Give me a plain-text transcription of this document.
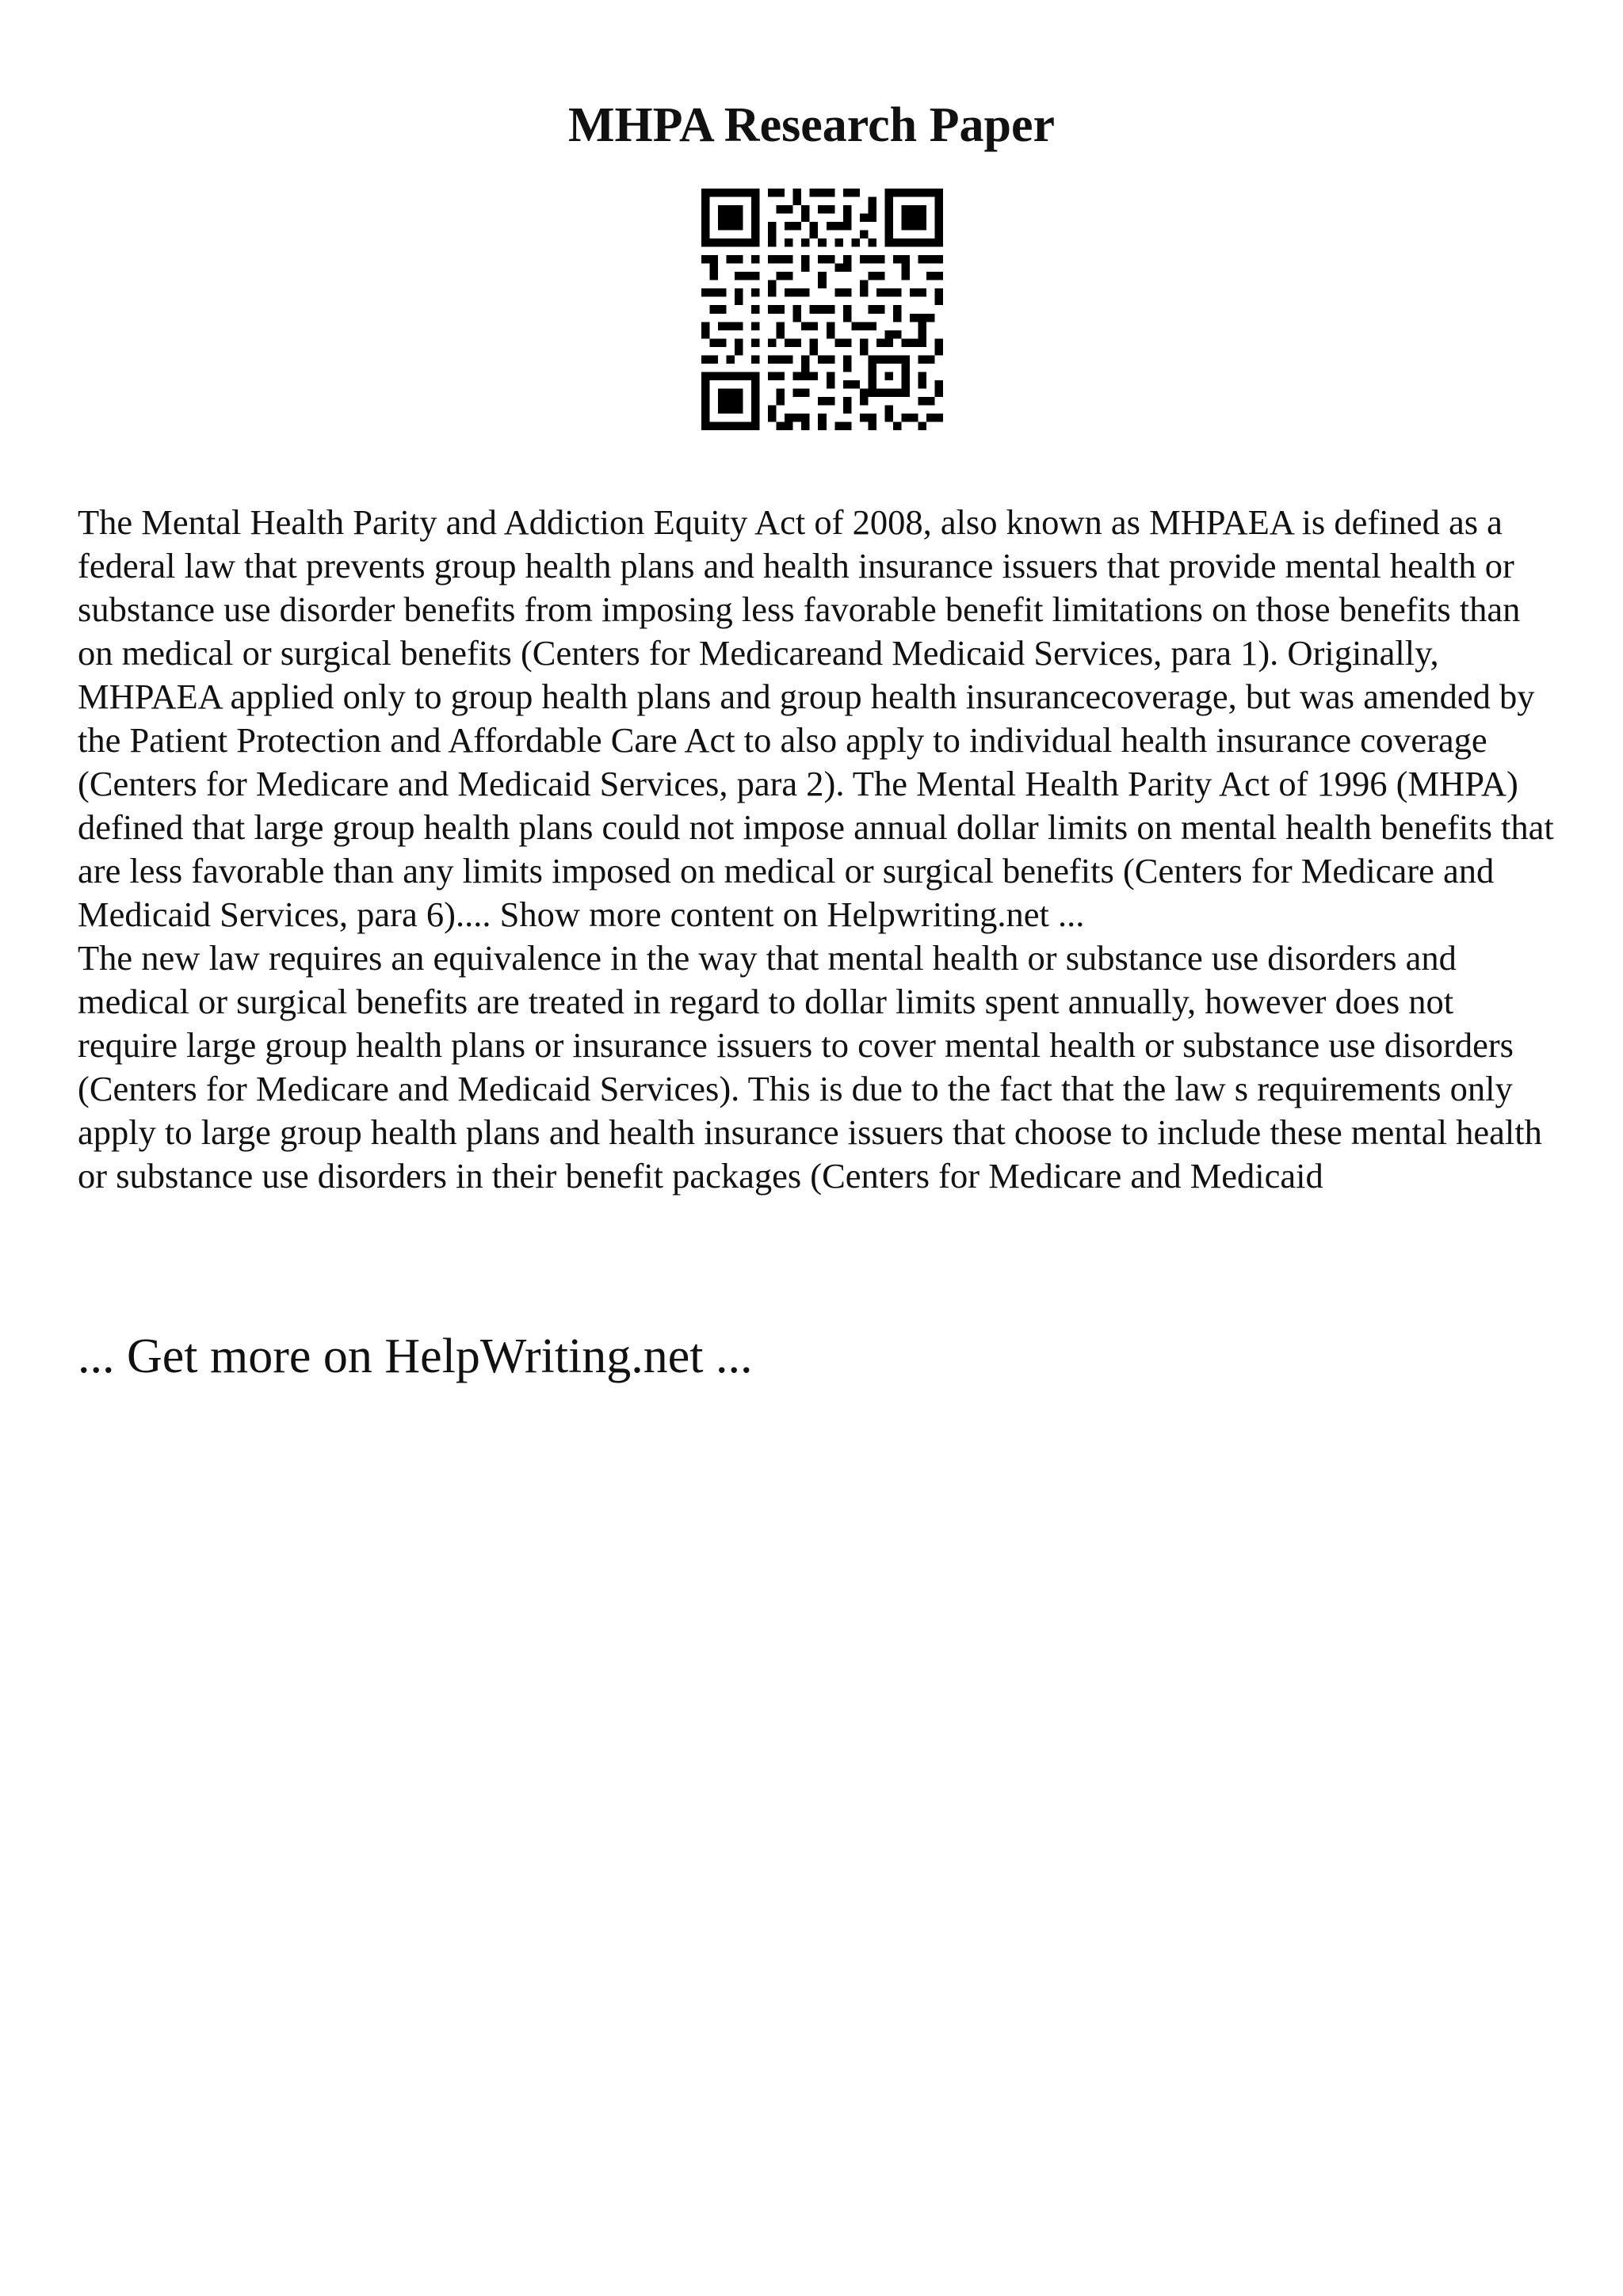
MHPA Research Paper

The Mental Health Parity and Addiction Equity Act of 2008, also known as MHPAEA is defined as a federal law that prevents group health plans and health insurance issuers that provide mental health or substance use disorder benefits from imposing less favorable benefit limitations on those benefits than on medical or surgical benefits (Centers for Medicareand Medicaid Services, para 1). Originally, MHPAEA applied only to group health plans and group health insurancecoverage, but was amended by the Patient Protection and Affordable Care Act to also apply to individual health insurance coverage (Centers for Medicare and Medicaid Services, para 2). The Mental Health Parity Act of 1996 (MHPA) defined that large group health plans could not impose annual dollar limits on mental health benefits that are less favorable than any limits imposed on medical or surgical benefits (Centers for Medicare and Medicaid Services, para 6).... Show more content on Helpwriting.net ...

The new law requires an equivalence in the way that mental health or substance use disorders and medical or surgical benefits are treated in regard to dollar limits spent annually, however does not require large group health plans or insurance issuers to cover mental health or substance use disorders (Centers for Medicare and Medicaid Services). This is due to the fact that the law s requirements only apply to large group health plans and health insurance issuers that choose to include these mental health or substance use disorders in their benefit packages (Centers for Medicare and Medicaid

... Get more on HelpWriting.net ...
